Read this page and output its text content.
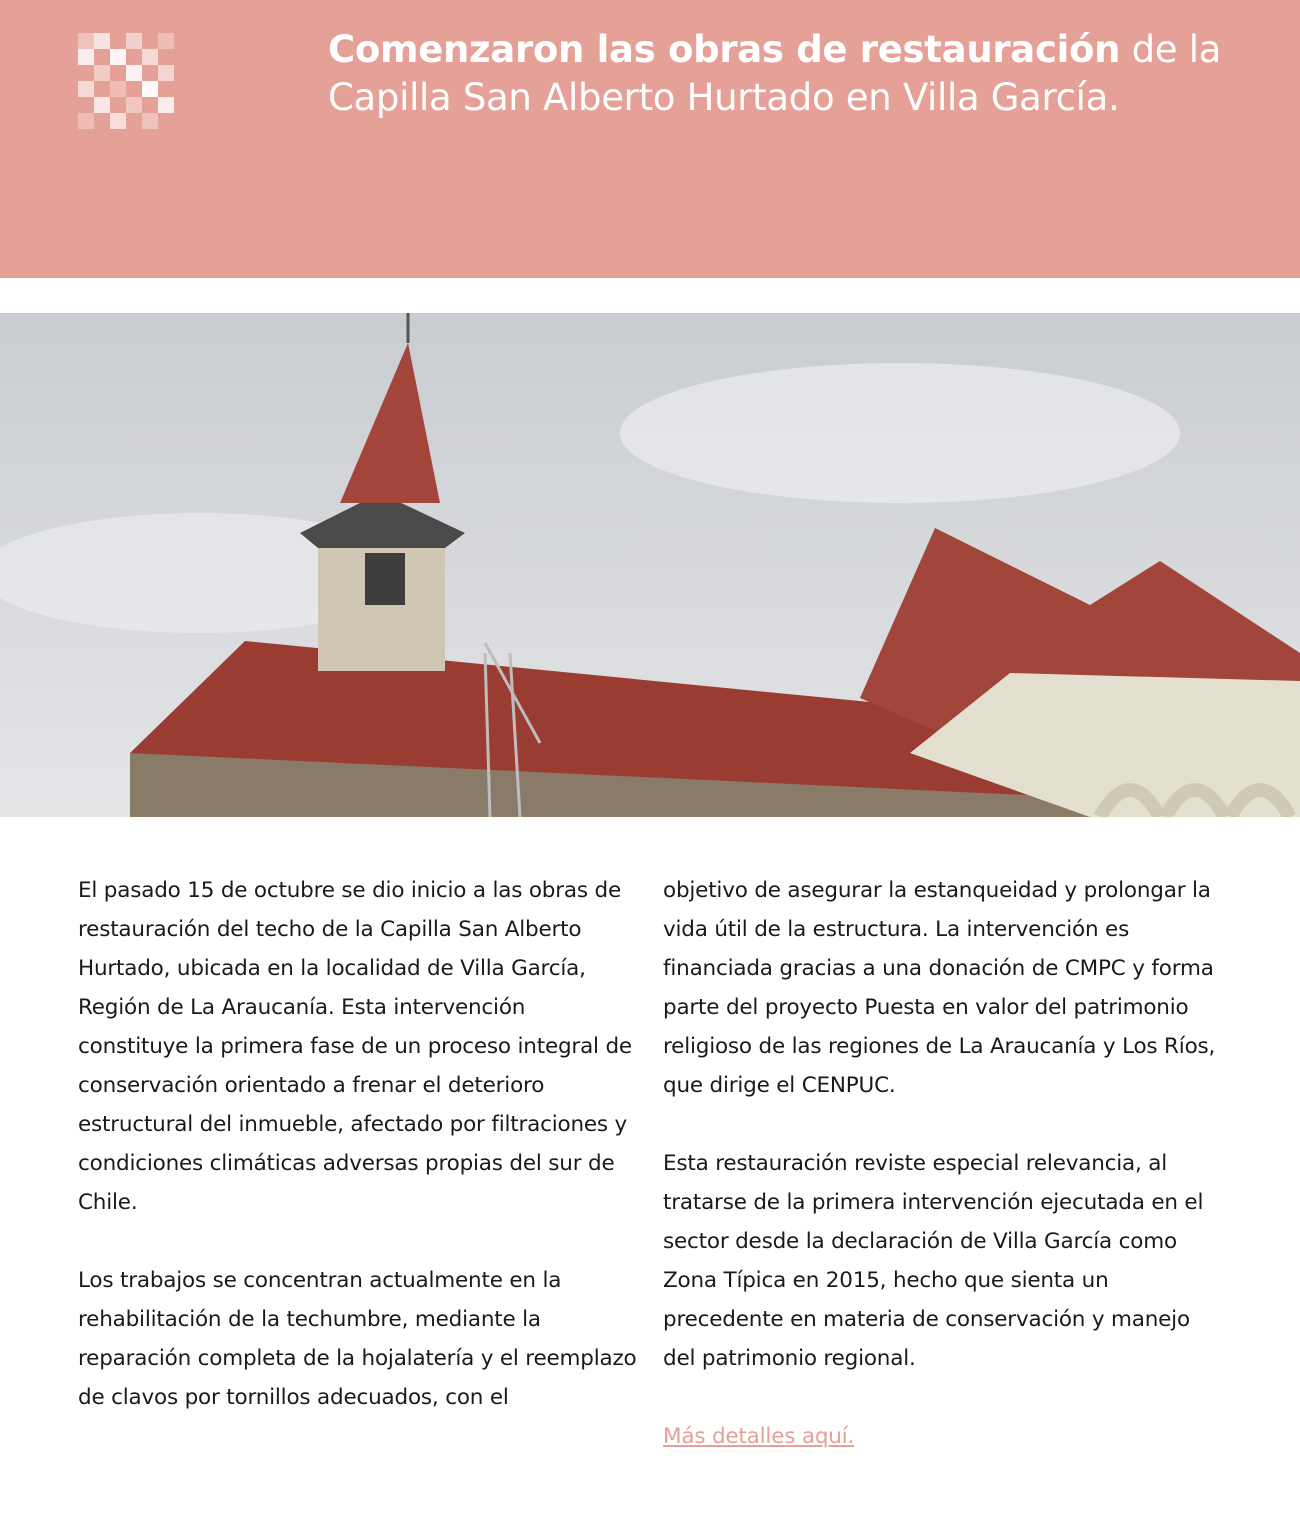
Comenzaron las obras de restauración de la Capilla San Alberto Hurtado en Villa García.

El pasado 15 de octubre se dio inicio a las obras de restauración del techo de la Capilla San Alberto Hurtado, ubicada en la localidad de Villa García, Región de La Araucanía. Esta intervención constituye la primera fase de un proceso integral de conservación orientado a frenar el deterioro estructural del inmueble, afectado por filtraciones y condiciones climáticas adversas propias del sur de Chile.

Los trabajos se concentran actualmente en la rehabilitación de la techumbre, mediante la reparación completa de la hojalatería y el reemplazo de clavos por tornillos adecuados, con el

objetivo de asegurar la estanqueidad y prolongar la vida útil de la estructura. La intervención es financiada gracias a una donación de CMPC y forma parte del proyecto Puesta en valor del patrimonio religioso de las regiones de La Araucanía y Los Ríos, que dirige el CENPUC.

Esta restauración reviste especial relevancia, al tratarse de la primera intervención ejecutada en el sector desde la declaración de Villa García como Zona Típica en 2015, hecho que sienta un precedente en materia de conservación y manejo del patrimonio regional.

Más detalles aquí.
